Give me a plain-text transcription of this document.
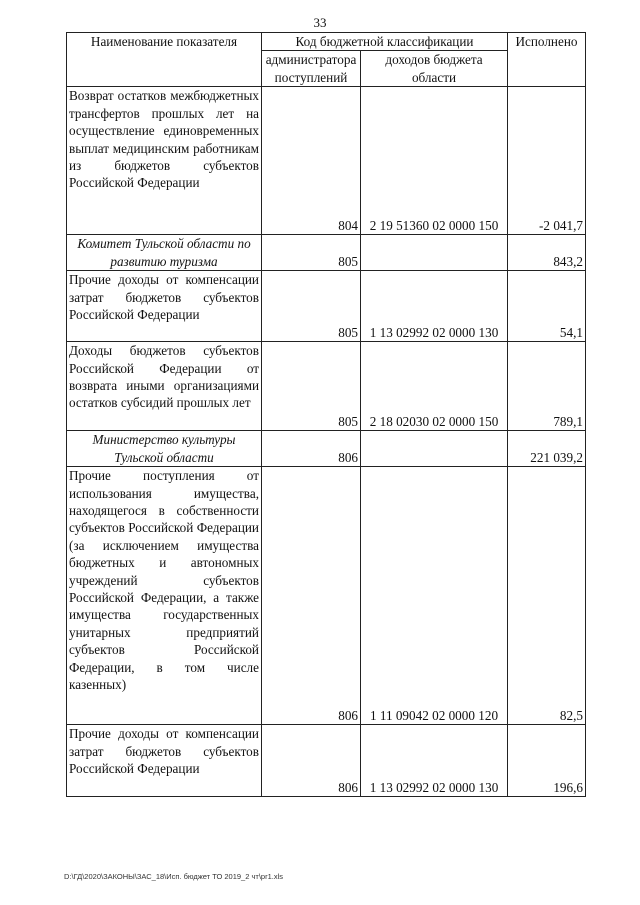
33
Наименование показателя	Код бюджетной классификации		Исполнено
	администратора поступлений	доходов бюджета области	
Возврат остатков межбюджетных трансфертов прошлых лет на осуществление единовременных выплат медицинским работникам из бюджетов субъектов Российской Федерации	804	2 19 51360 02 0000 150	-2 041,7
Комитет Тульской области по развитию туризма	805		843,2
Прочие доходы от компенсации затрат бюджетов субъектов Российской Федерации	805	1 13 02992 02 0000 130	54,1
Доходы бюджетов субъектов Российской Федерации от возврата иными организациями остатков субсидий прошлых лет	805	2 18 02030 02 0000 150	789,1
Министерство культуры Тульской области	806		221 039,2
Прочие поступления от использования имущества, находящегося в собственности субъектов Российской Федерации (за исключением имущества бюджетных и автономных учреждений субъектов Российской Федерации, а также имущества государственных унитарных предприятий субъектов Российской Федерации, в том числе казенных)	806	1 11 09042 02 0000 120	82,5
Прочие доходы от компенсации затрат бюджетов субъектов Российской Федерации	806	1 13 02992 02 0000 130	196,6
D:\ГД\2020\ЗАКОНЫ\ЗАС_18\Исп. бюджет ТО 2019_2 чт\pr1.xls
